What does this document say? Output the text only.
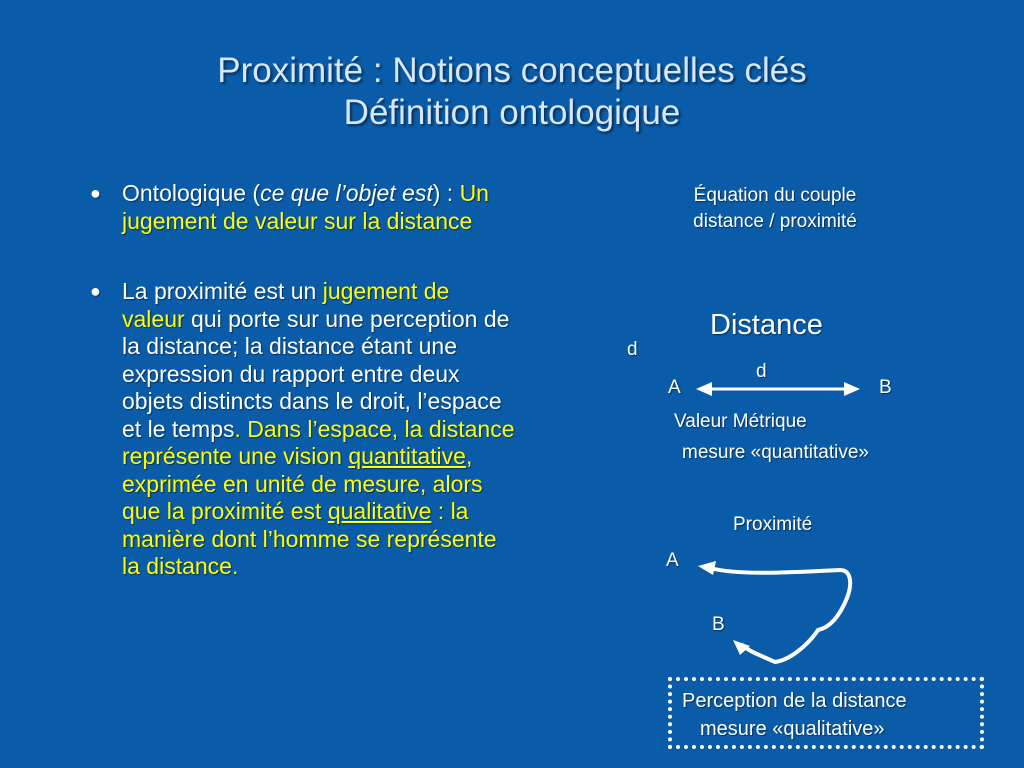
Proximité : Notions conceptuelles clés
Définition ontologique
● Ontologique (ce que l’objet est) : Un jugement de valeur sur la distance
● La proximité est un jugement de valeur qui porte sur une perception de la distance; la distance étant une expression du rapport entre deux objets distincts dans le droit, l’espace et le temps. Dans l’espace, la distance représente une vision quantitative, exprimée en unité de mesure, alors que la proximité est qualitative : la manière dont l’homme se représente la distance.
Équation du couple
distance / proximité
Distance
d
d
A	B
Valeur Métrique
mesure «quantitative»
Proximité
A
B
Perception de la distance
mesure «qualitative»
